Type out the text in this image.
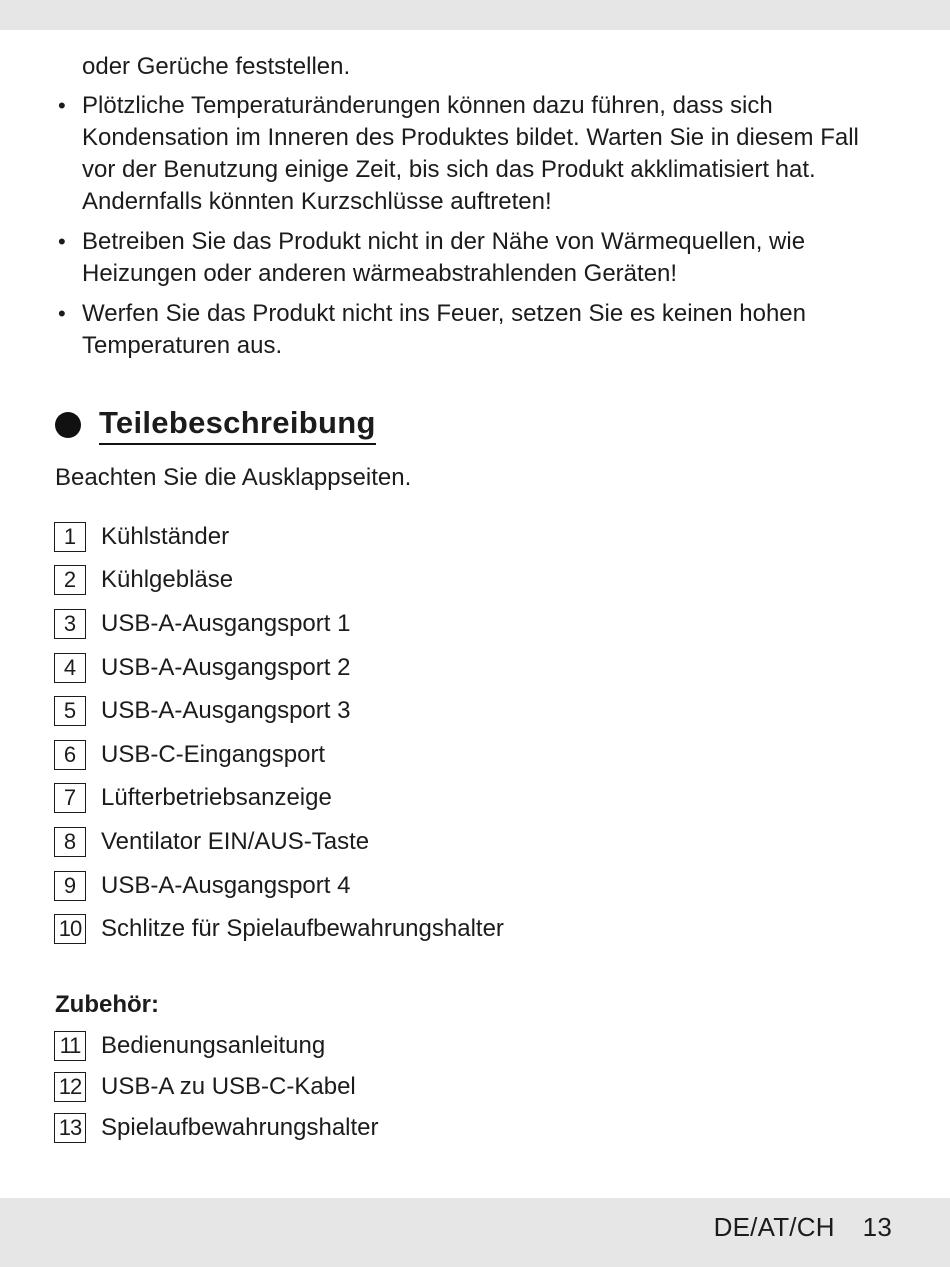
oder Gerüche feststellen.
• Plötzliche Temperaturänderungen können dazu führen, dass sich Kondensation im Inneren des Produktes bildet. Warten Sie in diesem Fall vor der Benutzung einige Zeit, bis sich das Produkt akklimatisiert hat. Andernfalls könnten Kurzschlüsse auftreten!
• Betreiben Sie das Produkt nicht in der Nähe von Wärmequellen, wie Heizungen oder anderen wärmeabstrahlenden Geräten!
• Werfen Sie das Produkt nicht ins Feuer, setzen Sie es keinen hohen Temperaturen aus.
Teilebeschreibung
Beachten Sie die Ausklappseiten.
1	Kühlständer
2	Kühlgebläse
3	USB-A-Ausgangsport 1
4	USB-A-Ausgangsport 2
5	USB-A-Ausgangsport 3
6	USB-C-Eingangsport
7	Lüfterbetriebsanzeige
8	Ventilator EIN/AUS-Taste
9	USB-A-Ausgangsport 4
10 Schlitze für Spielaufbewahrungshalter
Zubehör:
11 Bedienungsanleitung
12 USB-A zu USB-C-Kabel
13 Spielaufbewahrungshalter
DE/AT/CH 13
